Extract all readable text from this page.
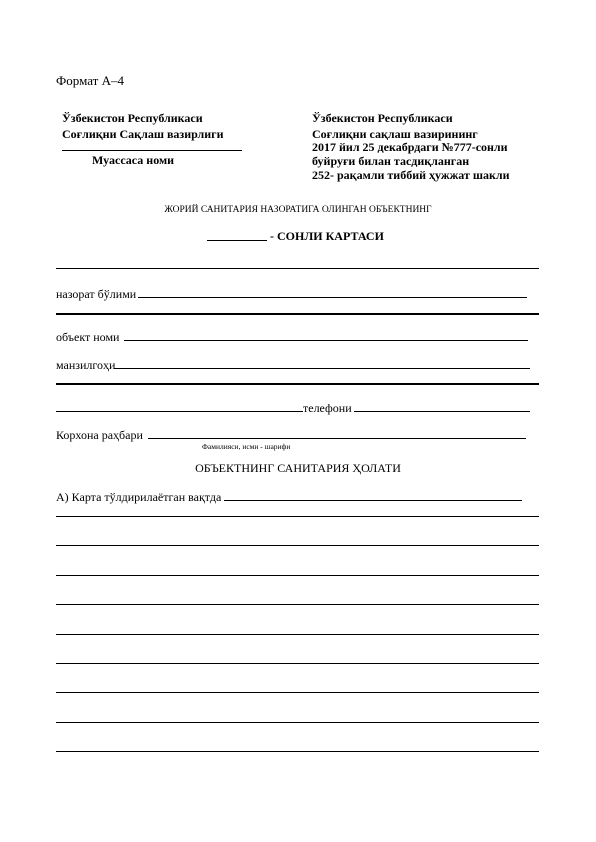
Формат А–4
Ўзбекистон Республикаси
Соғлиқни Сақлаш вазирлиги
Муассаса номи
Ўзбекистон Республикаси
Соғлиқни сақлаш вазирининг
2017 йил 25 декабрдаги №777-сонли
буйруғи билан тасдиқланган
252- рақамли тиббий ҳужжат шакли
ЖОРИЙ САНИТАРИЯ НАЗОРАТИГА ОЛИНГАН ОБЪЕКТНИНГ
- СОНЛИ КАРТАСИ
назорат бўлими
объект номи
манзилгоҳи
телефони
Корхона раҳбари
Фамилияси, исми - шарифи
ОБЪЕКТНИНГ САНИТАРИЯ ҲОЛАТИ
А) Карта тўлдирилаётган вақтда
